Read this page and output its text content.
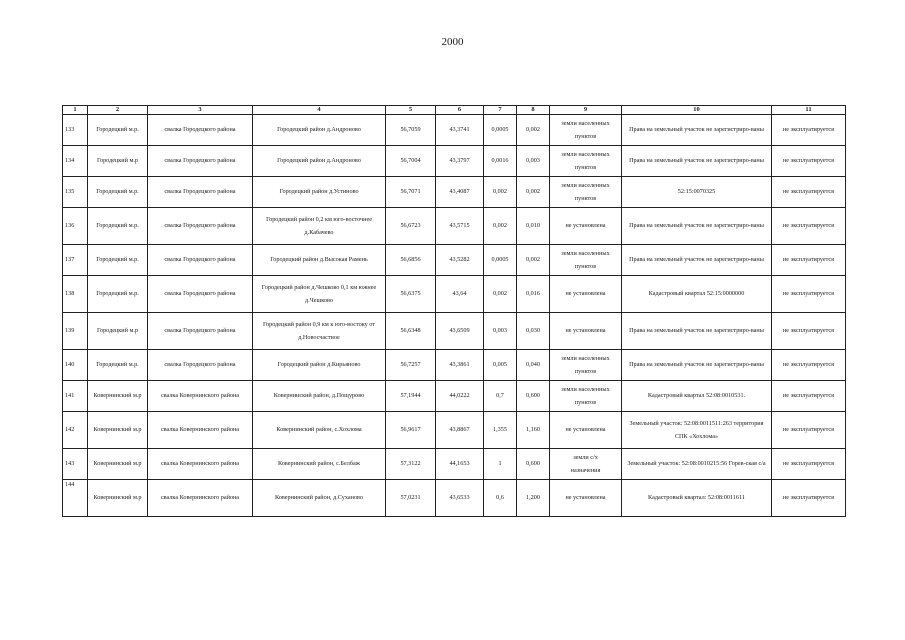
2000
1	2	3	4	5	6	7	8	9	10	11
133	Городецкий м.р.	свалка Городецкого района	Городецкий район д.Андроново	56,7059	43,3741	0,0005	0,002	земли населенных
пунктов	Права на земельный участок не зарегистриро-ваны	не эксплуатируется
134	Городецкий м.р	свалка Городецкого района	Городецкий район д.Андроново	56,7004	43,3797	0,0016	0,003	земли населенных
пунктов	Права на земельный участок не зарегистриро-ваны	не эксплуатируется
135	Городецкий м.р.	свалка Городецкого района	Городецкий район д.Устиново	56,7071	43,4087	0,002	0,002	земли населенных
пунктов	52:15:0070325	не эксплуатируется
136	Городецкий м.р.	свалка Городецкого района	Городецкий район 0,2 км юго-восточнее
д.Кабачево	56,6723	43,5715	0,002	0,010	не установлена	Права на земельный участок не зарегистриро-ваны	не эксплуатируется
137	Городецкий м.р.	свалка Городецкого района	Городецкий район д.Высокая Рамень	56,6856	43,5282	0,0005	0,002	земли населенных
пунктов	Права на земельный участок не зарегистриро-ваны	не эксплуатируется
138	Городецкий м.р.	свалка Городецкого района	Городецкий район д.Чешково 0,1 км южнее
д.Чешково	56,6375	43,64	0,002	0,016	не установлена	Кадастровый квартал 52:15:0000000	не эксплуатируется
139	Городецкий м.р	свалка Городецкого района	Городецкий район 0,9 км к юго-востоку от
д.Новосчастное	56,6348	43,6509	0,003	0,030	не установлена	Права на земельный участок не зарегистриро-ваны	не эксплуатируется
140	Городецкий м.р.	свалка Городецкого района	Городецкий район д.Кирьяново	56,7257	43,3861	0,005	0,040	земли населенных
пунктов	Права на земельный участок не зарегистриро-ваны	не эксплуатируется
141	Ковернинский м.р	свалка Ковернинского района	Ковернинский район, д.Пощурово	57,1944	44,0222	0,7	0,600	земли населенных
пунктов	Кадастровый квартал 52:08:0010531.	не эксплуатируется
142	Ковернинский м.р	свалка Ковернинского района	Ковернинский район, с.Хохлома	56,9617	43,8867	1,355	1,160	не установлена	Земельный участок: 52:08:0011511:263 территория
СПК «Хохлома»	не эксплуатируется
143	Ковернинский м.р	свалка Ковернинского района	Ковернинский район, с.Белбаж	57,3122	44,1653	1	0,600	земли с/х
назначения	Земельный участок: 52:08:0010215:56 Горев-ская с/а	не эксплуатируется
144	Ковернинский м.р	свалка Ковернинского района	Ковернинский район, д.Суханово	57,0231	43,6533	0,6	1,200	не установлена	Кадастровый квартал: 52:08:0011611	не эксплуатируется
